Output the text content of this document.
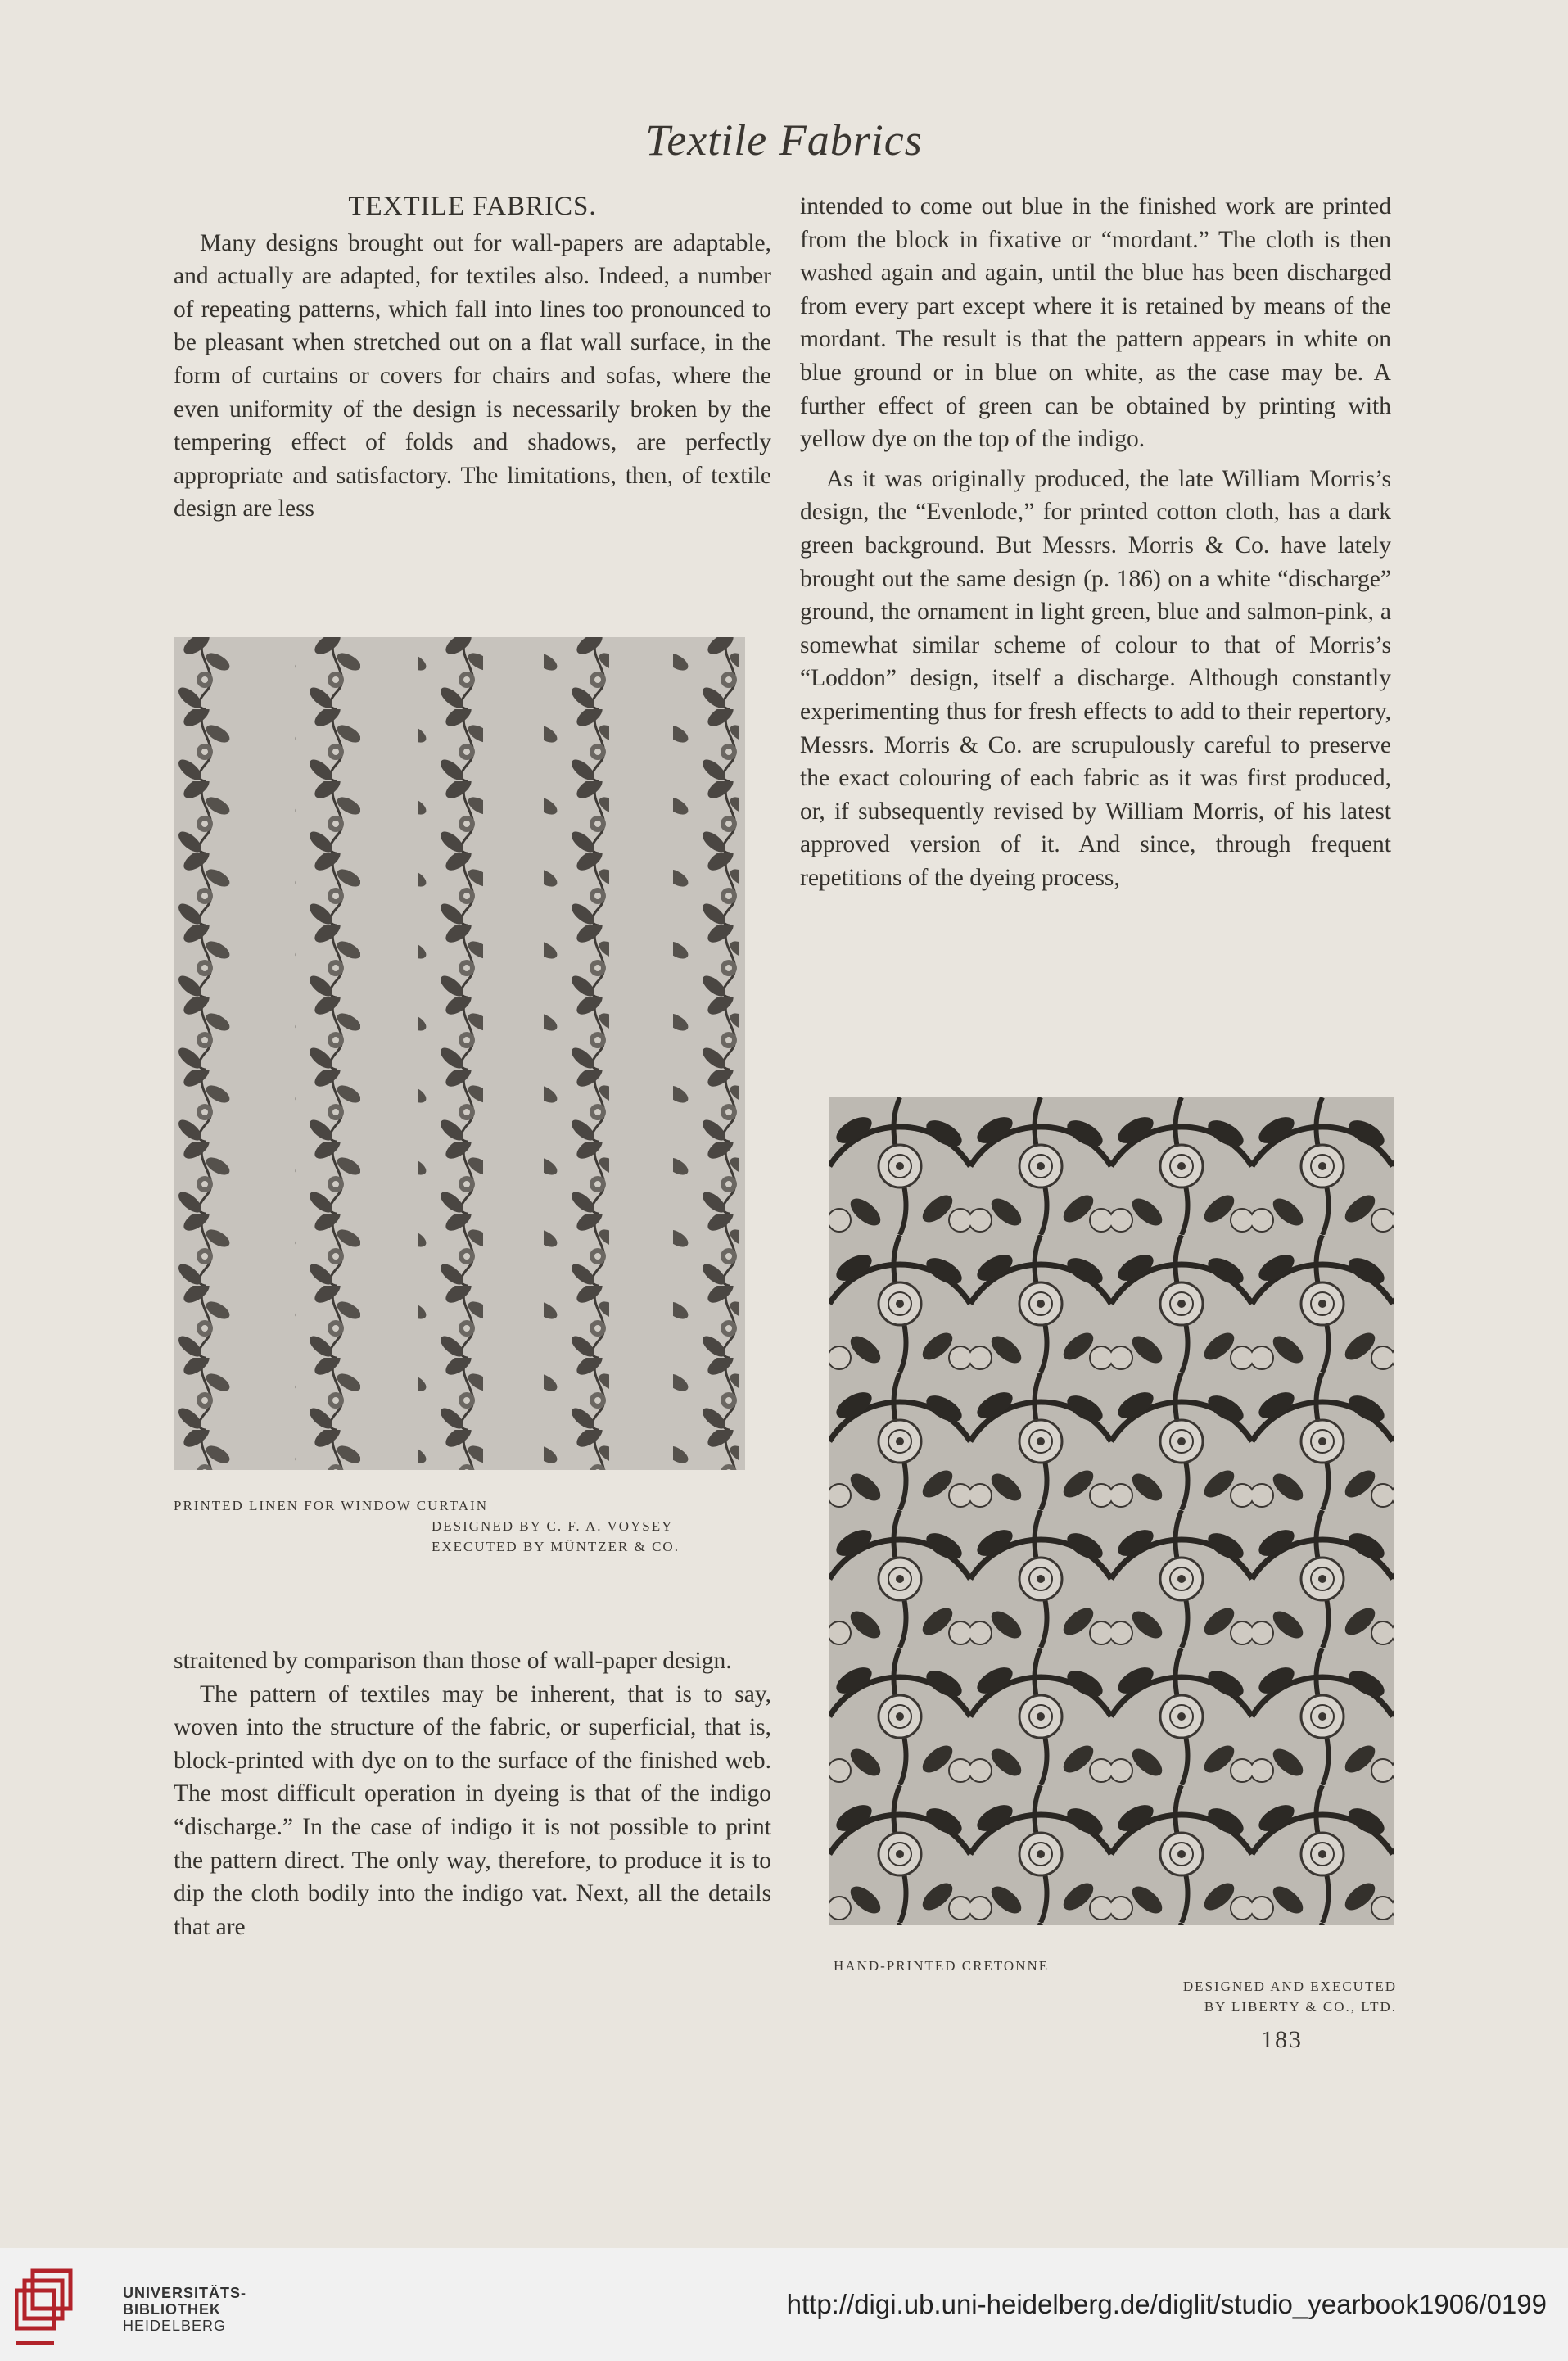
Textile Fabrics
TEXTILE FABRICS.

Many designs brought out for wall-papers are adaptable, and actually are adapted, for textiles also. Indeed, a number of repeating patterns, which fall into lines too pronounced to be pleasant when stretched out on a flat wall surface, in the form of curtains or covers for chairs and sofas, where the even uniformity of the design is necessarily broken by the tempering effect of folds and shadows, are perfectly appropriate and satisfactory. The limitations, then, of textile design are less

PRINTED LINEN FOR WINDOW CURTAIN
DESIGNED BY C. F. A. VOYSEY
EXECUTED BY MÜNTZER & CO.

straitened by comparison than those of wall-paper design.

The pattern of textiles may be inherent, that is to say, woven into the structure of the fabric, or superficial, that is, block-printed with dye on to the surface of the finished web. The most difficult operation in dyeing is that of the indigo “discharge.” In the case of indigo it is not possible to print the pattern direct. The only way, therefore, to produce it is to dip the cloth bodily into the indigo vat. Next, all the details that are

intended to come out blue in the finished work are printed from the block in fixative or “mordant.” The cloth is then washed again and again, until the blue has been discharged from every part except where it is retained by means of the mordant. The result is that the pattern appears in white on blue ground or in blue on white, as the case may be. A further effect of green can be obtained by printing with yellow dye on the top of the indigo.

As it was originally produced, the late William Morris’s design, the “Evenlode,” for printed cotton cloth, has a dark green background. But Messrs. Morris & Co. have lately brought out the same design (p. 186) on a white “discharge” ground, the ornament in light green, blue and salmon-pink, a somewhat similar scheme of colour to that of Morris’s “Loddon” design, itself a discharge. Although constantly experimenting thus for fresh effects to add to their repertory, Messrs. Morris & Co. are scrupulously careful to preserve the exact colouring of each fabric as it was first produced, or, if subsequently revised by William Morris, of his latest approved version of it. And since, through frequent repetitions of the dyeing process,

HAND-PRINTED CRETONNE
DESIGNED AND EXECUTED
BY LIBERTY & CO., LTD.
183
UNIVERSITÄTS-
BIBLIOTHEK
HEIDELBERG
http://digi.ub.uni-heidelberg.de/diglit/studio_yearbook1906/0199
